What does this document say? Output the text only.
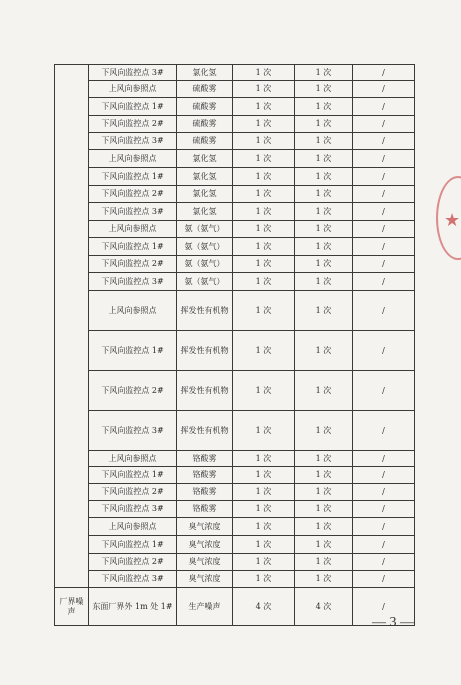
	下风向监控点 3#	氯化氢	1 次	1 次	/
	上风向参照点	硫酸雾	1 次	1 次	/
	下风向监控点 1#	硫酸雾	1 次	1 次	/
	下风向监控点 2#	硫酸雾	1 次	1 次	/
	下风向监控点 3#	硫酸雾	1 次	1 次	/
	上风向参照点	氯化氢	1 次	1 次	/
	下风向监控点 1#	氯化氢	1 次	1 次	/
	下风向监控点 2#	氯化氢	1 次	1 次	/
	下风向监控点 3#	氯化氢	1 次	1 次	/
	上风向参照点	氨（氨气）	1 次	1 次	/
	下风向监控点 1#	氨（氨气）	1 次	1 次	/
	下风向监控点 2#	氨（氨气）	1 次	1 次	/
	下风向监控点 3#	氨（氨气）	1 次	1 次	/
	上风向参照点	挥发性有机物	1 次	1 次	/
	下风向监控点 1#	挥发性有机物	1 次	1 次	/
	下风向监控点 2#	挥发性有机物	1 次	1 次	/
	下风向监控点 3#	挥发性有机物	1 次	1 次	/
	上风向参照点	铬酸雾	1 次	1 次	/
	下风向监控点 1#	铬酸雾	1 次	1 次	/
	下风向监控点 2#	铬酸雾	1 次	1 次	/
	下风向监控点 3#	铬酸雾	1 次	1 次	/
	上风向参照点	臭气浓度	1 次	1 次	/
	下风向监控点 1#	臭气浓度	1 次	1 次	/
	下风向监控点 2#	臭气浓度	1 次	1 次	/
	下风向监控点 3#	臭气浓度	1 次	1 次	/
厂界噪声	东面厂界外 1m 处 1#	生产噪声	4 次	4 次	/
★
— 3 —
